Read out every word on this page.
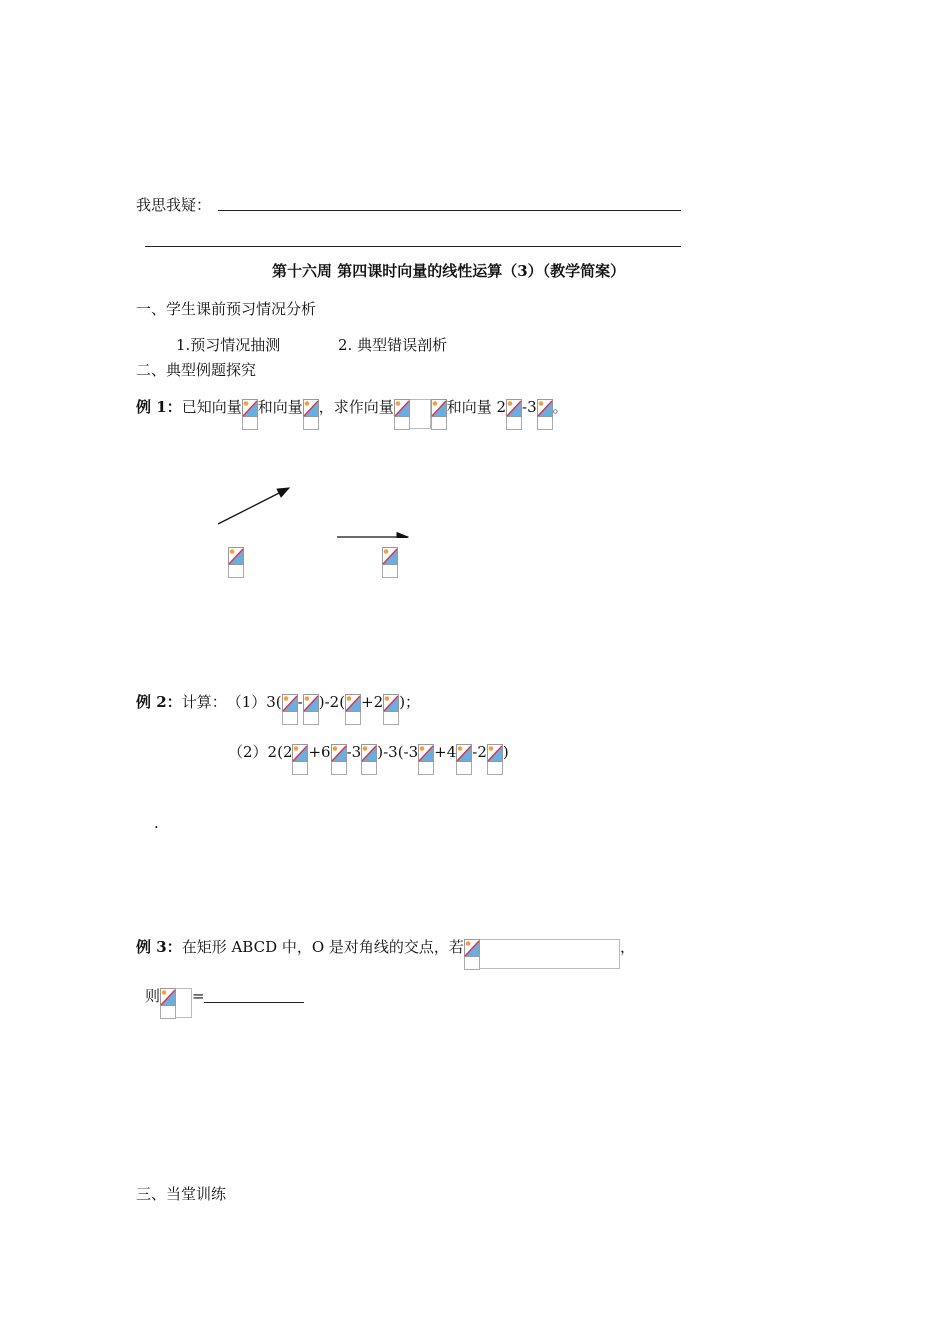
我思我疑：
第十六周 第四课时向量的线性运算（3）（教学简案）
一、学生课前预习情况分析
1.预习情况抽测	2. 典型错误剖析
二、典型例题探究
例 1 ： 已知向量 和向量 ，求作向量	和向量 2 -3 。

例 2 ： 计算： （1）3( - )-2( +2 )；
（2）2(2 +6 -3 )-3(-3 +4 -2 )
.
例 3 ： 在矩形 ABCD 中，O 是对角线的交点，若	，
则 =
三、当堂训练
